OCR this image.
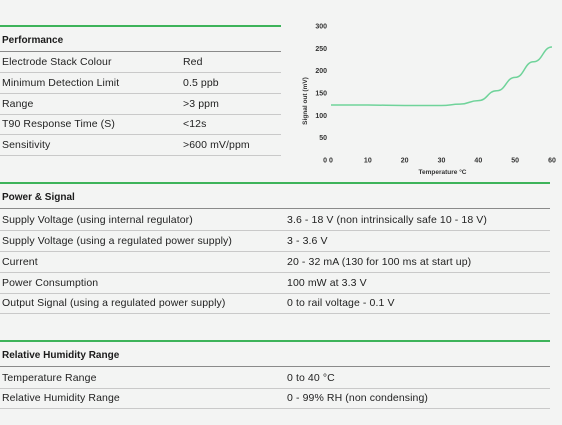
Performance
Electrode Stack Colour	Red
Minimum Detection Limit	0.5 ppb
Range	>3 ppm
T90 Response Time (S)	<12s
Sensitivity	>600 mV/ppm
0
50
100
150
200
250
300
0	10	20	30	40	50	60
Signal out (mV)
Temperature °C
Power & Signal
Supply Voltage (using internal regulator)	3.6 - 18 V (non intrinsically safe 10 - 18 V)
Supply Voltage (using a regulated power supply)	3 - 3.6 V
Current	20 - 32 mA (130 for 100 ms at start up)
Power Consumption	100 mW at 3.3 V
Output Signal (using a regulated power supply)	0 to rail voltage - 0.1 V
Relative Humidity Range
Temperature Range	0 to 40 °C
Relative Humidity Range	0 - 99% RH (non condensing)
